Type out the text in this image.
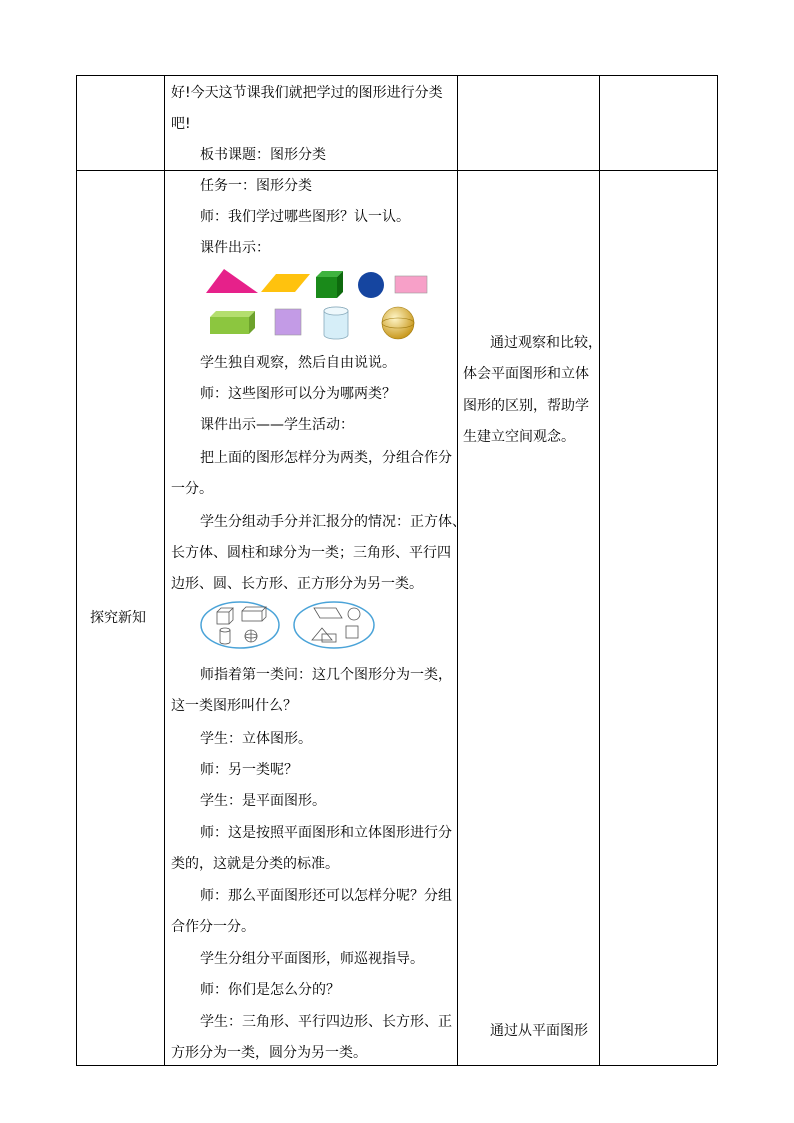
好!今天这节课我们就把学过的图形进行分类
吧!
板书课题：图形分类
探究新知
任务一：图形分类
师：我们学过哪些图形？认一认。
课件出示：
学生独自观察，然后自由说说。
师：这些图形可以分为哪两类？
课件出示——学生活动：
把上面的图形怎样分为两类，分组合作分
一分。
学生分组动手分并汇报分的情况：正方体、
长方体、圆柱和球分为一类；三角形、平行四
边形、圆、长方形、正方形分为另一类。
师指着第一类问：这几个图形分为一类，
这一类图形叫什么？
学生：立体图形。
师：另一类呢？
学生：是平面图形。
师：这是按照平面图形和立体图形进行分
类的，这就是分类的标准。
师：那么平面图形还可以怎样分呢？分组
合作分一分。
学生分组分平面图形，师巡视指导。
师：你们是怎么分的？
学生：三角形、平行四边形、长方形、正
方形分为一类，圆分为另一类。
通过观察和比较，
体会平面图形和立体
图形的区别，帮助学
生建立空间观念。
通过从平面图形
